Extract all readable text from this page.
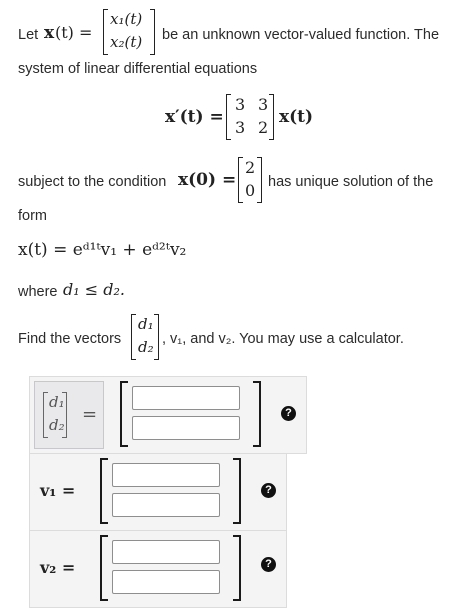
Let x (t) =
x₁(t)
x₂(t) be an unknown vector-valued function. The
system of linear differential equations
x′(t) =
3 3
3 2
x(t)
subject to the condition x(0) =
2
0 has unique solution of the
form
x(t) = eᵈ¹ᵗv₁ + eᵈ²ᵗv₂
where d₁ ≤ d₂.
Find the vectors
d₁
d₂ , v₁, and v₂. You may use a calculator.
d₁
d₂ =	?
v₁ =	?
v₂ =	?
